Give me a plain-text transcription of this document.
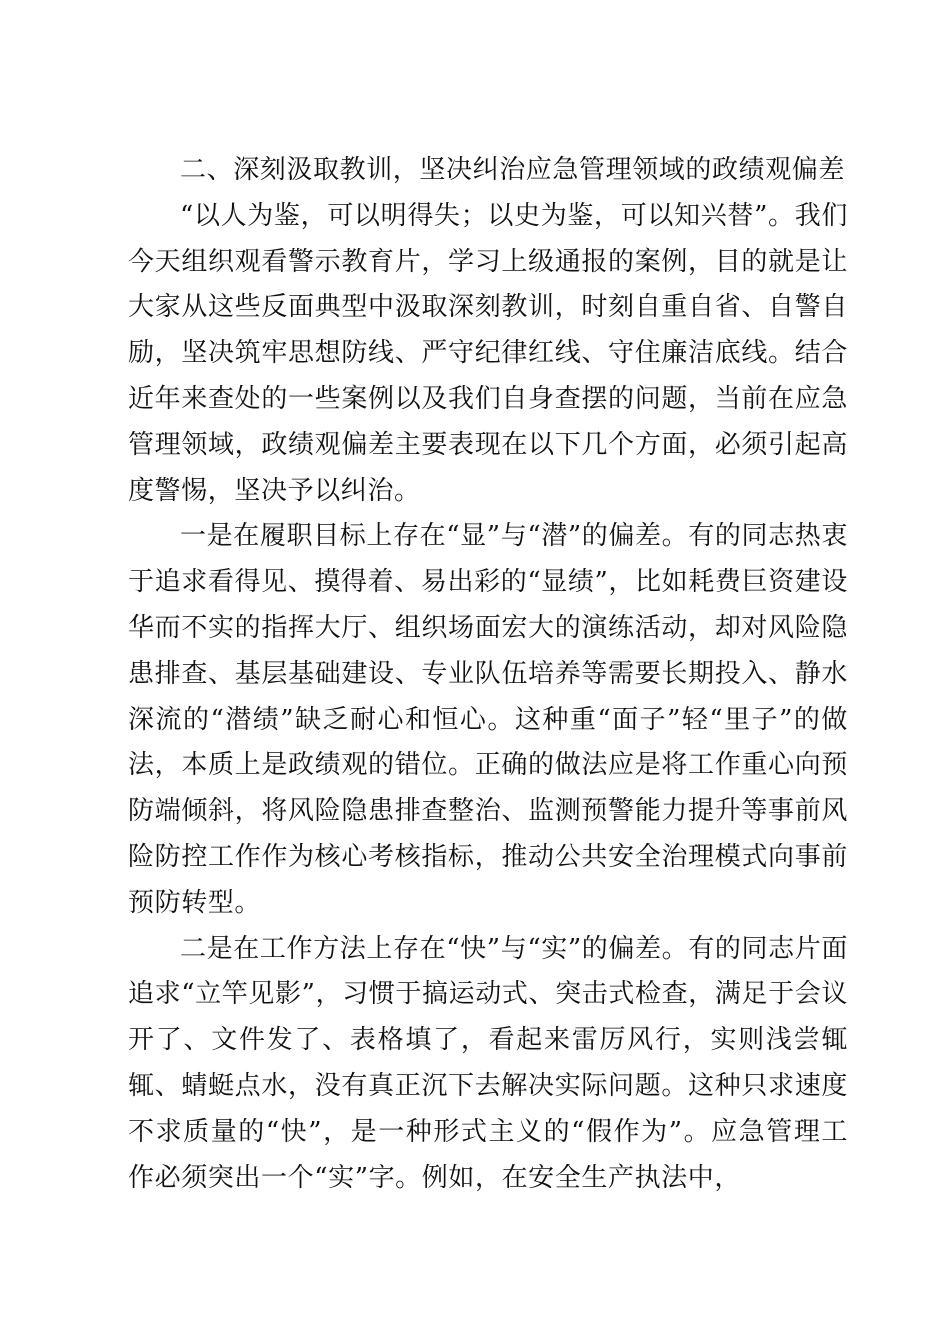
二、深刻汲取教训，坚决纠治应急管理领域的政绩观偏差

“以人为鉴，可以明得失；以史为鉴，可以知兴替”。我们今天组织观看警示教育片，学习上级通报的案例，目的就是让大家从这些反面典型中汲取深刻教训，时刻自重自省、自警自励，坚决筑牢思想防线、严守纪律红线、守住廉洁底线。结合近年来查处的一些案例以及我们自身查摆的问题，当前在应急管理领域，政绩观偏差主要表现在以下几个方面，必须引起高度警惕，坚决予以纠治。

一是在履职目标上存在“显”与“潜”的偏差。有的同志热衷于追求看得见、摸得着、易出彩的“显绩”，比如耗费巨资建设华而不实的指挥大厅、组织场面宏大的演练活动，却对风险隐患排查、基层基础建设、专业队伍培养等需要长期投入、静水深流的“潜绩”缺乏耐心和恒心。这种重“面子”轻“里子”的做法，本质上是政绩观的错位。正确的做法应是将工作重心向预防端倾斜，将风险隐患排查整治、监测预警能力提升等事前风险防控工作作为核心考核指标，推动公共安全治理模式向事前预防转型。

二是在工作方法上存在“快”与“实”的偏差。有的同志片面追求“立竿见影”，习惯于搞运动式、突击式检查，满足于会议开了、文件发了、表格填了，看起来雷厉风行，实则浅尝辄辄、蜻蜓点水，没有真正沉下去解决实际问题。这种只求速度不求质量的“快”，是一种形式主义的“假作为”。应急管理工作必须突出一个“实”字。例如，在安全生产执法中，
